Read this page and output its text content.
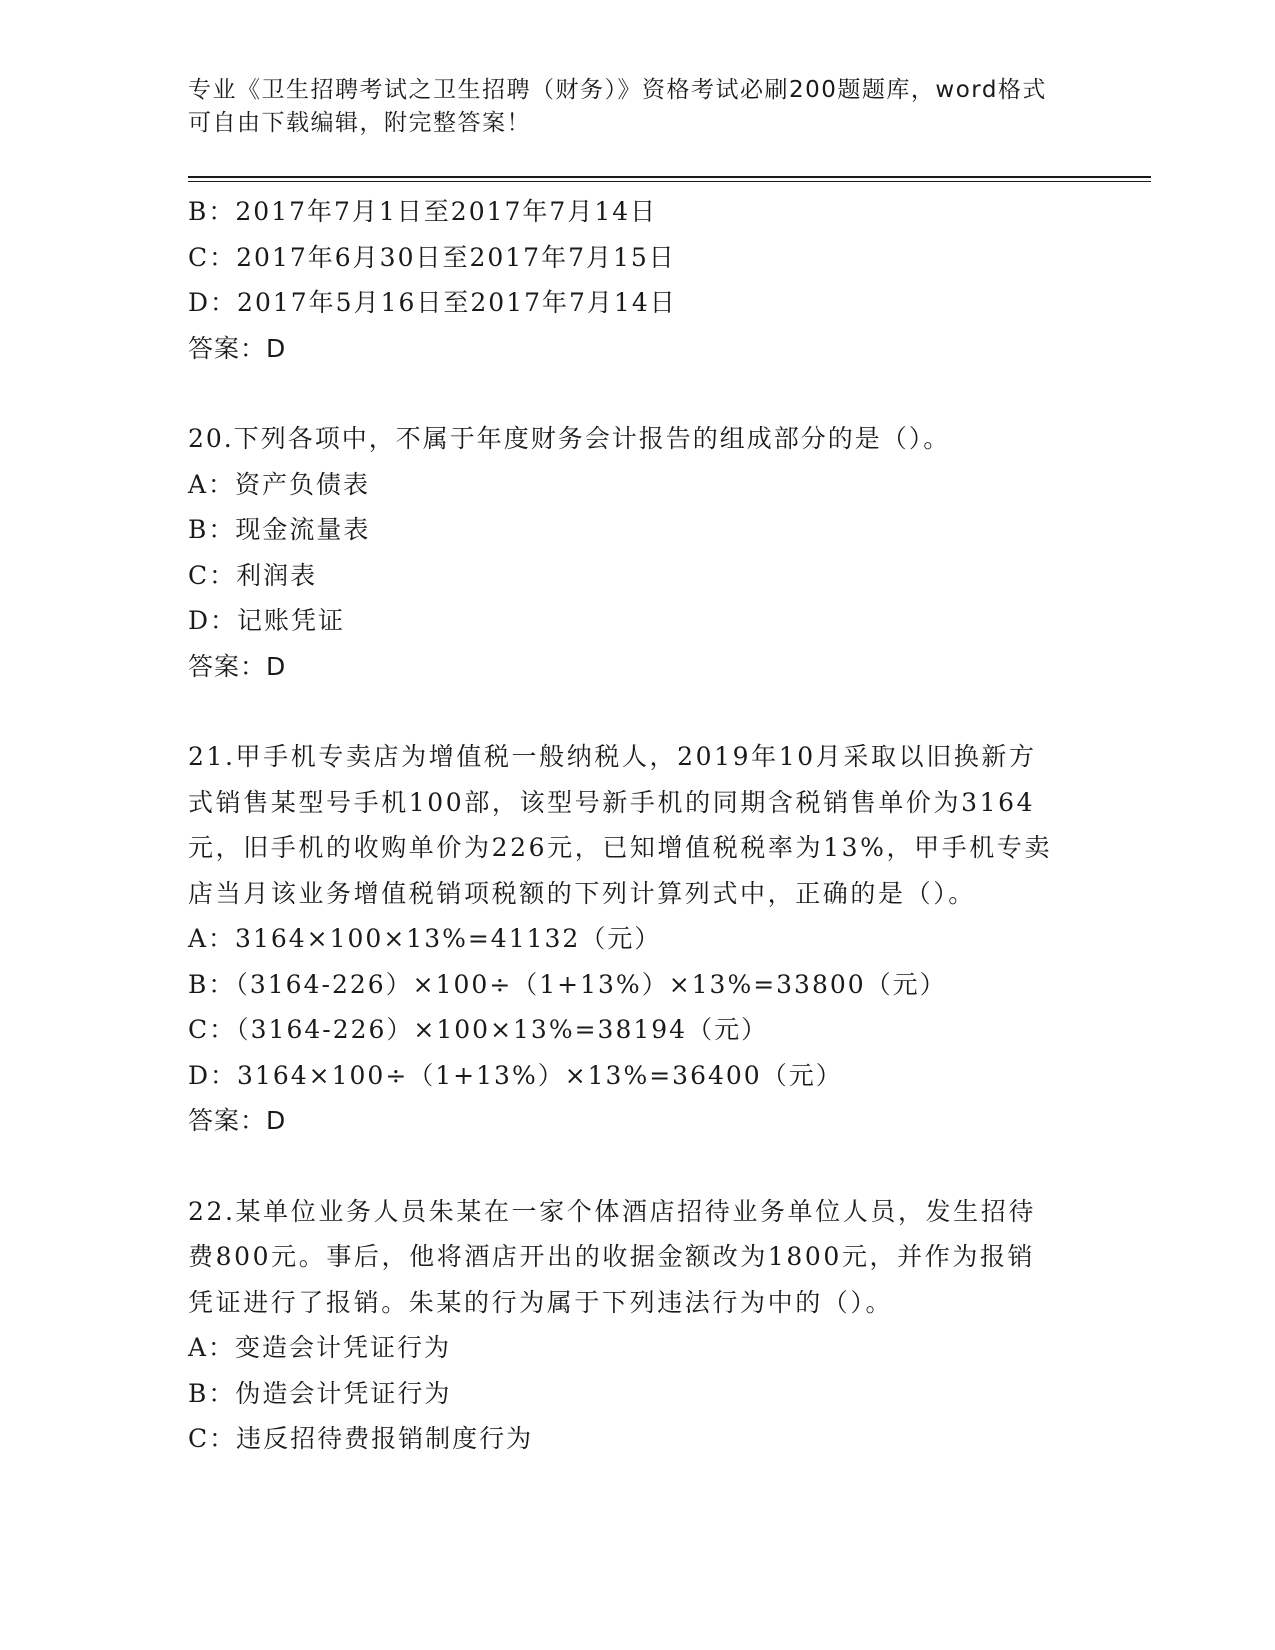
专业《卫生招聘考试之卫生招聘（财务）》资格考试必刷200题题库，word格式
可自由下载编辑，附完整答案！
B：2017年7月1日至2017年7月14日
C：2017年6月30日至2017年7月15日
D：2017年5月16日至2017年7月14日
答案：D
20.下列各项中，不属于年度财务会计报告的组成部分的是（）。
A：资产负债表
B：现金流量表
C：利润表
D：记账凭证
答案：D
21.甲手机专卖店为增值税一般纳税人，2019年10月采取以旧换新方
式销售某型号手机100部，该型号新手机的同期含税销售单价为3164
元，旧手机的收购单价为226元，已知增值税税率为13%，甲手机专卖
店当月该业务增值税销项税额的下列计算列式中，正确的是（）。
A：3164×100×13%=41132（元）
B：（3164-226）×100÷（1+13%）×13%=33800（元）
C：（3164-226）×100×13%=38194（元）
D：3164×100÷（1+13%）×13%=36400（元）
答案：D
22.某单位业务人员朱某在一家个体酒店招待业务单位人员，发生招待
费800元。事后，他将酒店开出的收据金额改为1800元，并作为报销
凭证进行了报销。朱某的行为属于下列违法行为中的（）。
A：变造会计凭证行为
B：伪造会计凭证行为
C：违反招待费报销制度行为
